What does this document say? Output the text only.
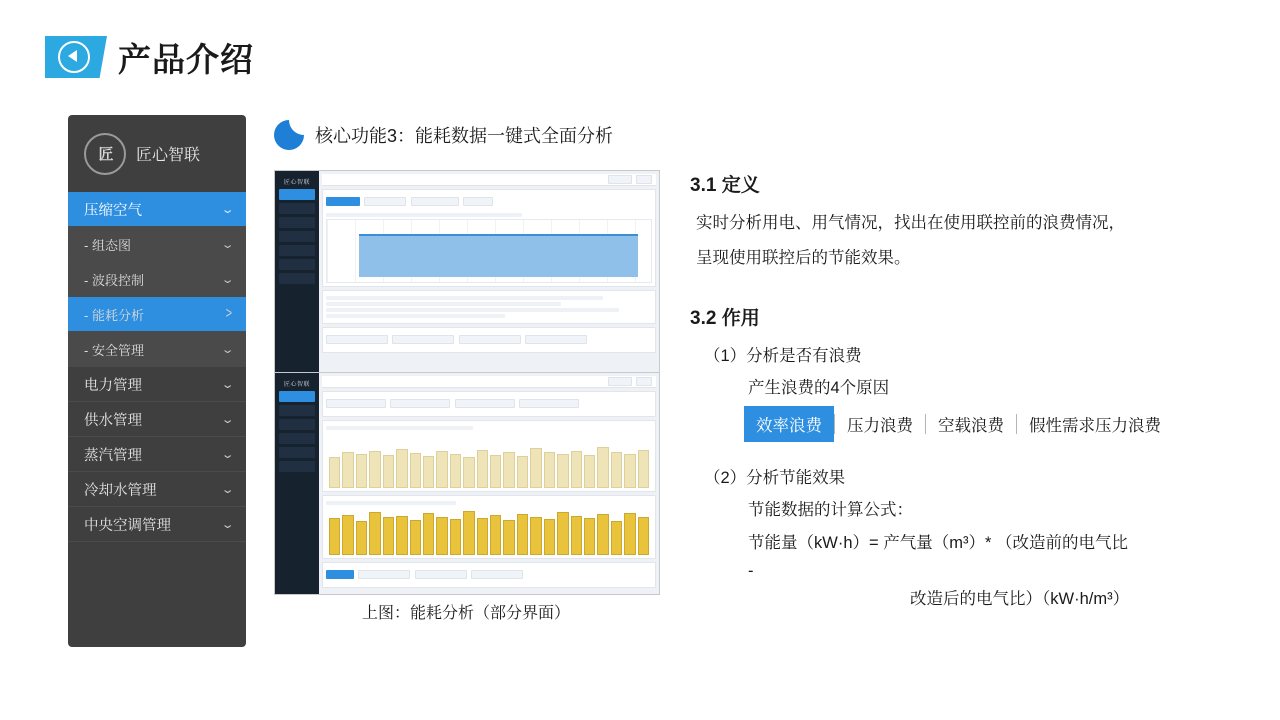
产品介绍
匠	匠心智联
压缩空气	⌄
- 组态图	⌄
- 波段控制	⌄
- 能耗分析	>
- 安全管理	⌄
电力管理	⌄
供水管理	⌄
蒸汽管理	⌄
冷却水管理	⌄
中央空调管理	⌄
核心功能3：能耗数据一键式全面分析
匠心智联

匠心智联

上图：能耗分析（部分界面）
3.1 定义

实时分析用电、用气情况，找出在使用联控前的浪费情况，

呈现使用联控后的节能效果。

3.2 作用
（1）分析是否有浪费
产生浪费的4个原因
效率浪费	压力浪费	空载浪费	假性需求压力浪费
（2）分析节能效果
节能数据的计算公式：
节能量（kW·h）= 产气量（m³）* （改造前的电气比
-
改造后的电气比）（kW·h/m³）
